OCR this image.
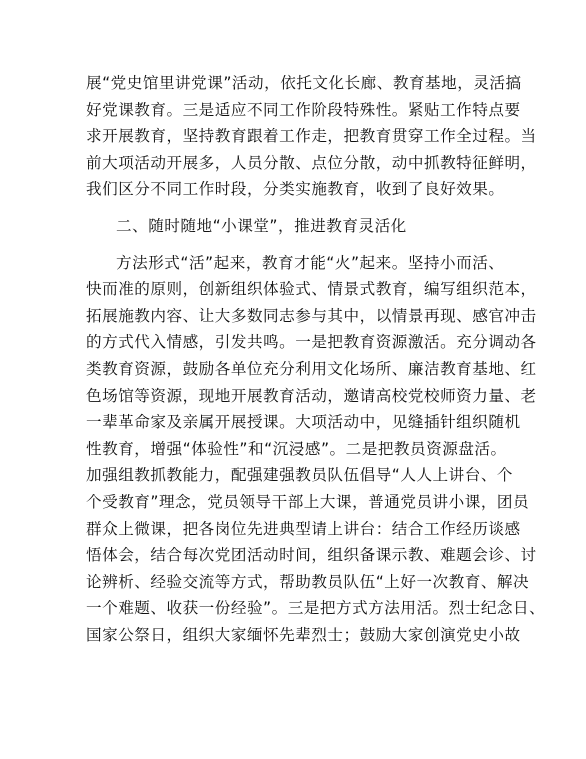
展“党史馆里讲党课”活动，依托文化长廊、教育基地，灵活搞
好党课教育。三是适应不同工作阶段特殊性。紧贴工作特点要
求开展教育，坚持教育跟着工作走，把教育贯穿工作全过程。当
前大项活动开展多，人员分散、点位分散，动中抓教特征鲜明，
我们区分不同工作时段，分类实施教育，收到了良好效果。
二、随时随地“小课堂”，推进教育灵活化
方法形式“活”起来，教育才能“火”起来。坚持小而活、
快而准的原则，创新组织体验式、情景式教育，编写组织范本，
拓展施教内容、让大多数同志参与其中，以情景再现、感官冲击
的方式代入情感，引发共鸣。一是把教育资源激活。充分调动各
类教育资源，鼓励各单位充分利用文化场所、廉洁教育基地、红
色场馆等资源，现地开展教育活动，邀请高校党校师资力量、老
一辈革命家及亲属开展授课。大项活动中，见缝插针组织随机
性教育，增强“体验性”和“沉浸感”。二是把教员资源盘活。
加强组教抓教能力，配强建强教员队伍倡导“人人上讲台、个
个受教育”理念，党员领导干部上大课，普通党员讲小课，团员
群众上微课，把各岗位先进典型请上讲台：结合工作经历谈感
悟体会，结合每次党团活动时间，组织备课示教、难题会诊、讨
论辨析、经验交流等方式，帮助教员队伍“上好一次教育、解决
一个难题、收获一份经验”。三是把方式方法用活。烈士纪念日、
国家公祭日，组织大家缅怀先辈烈士；鼓励大家创演党史小故
